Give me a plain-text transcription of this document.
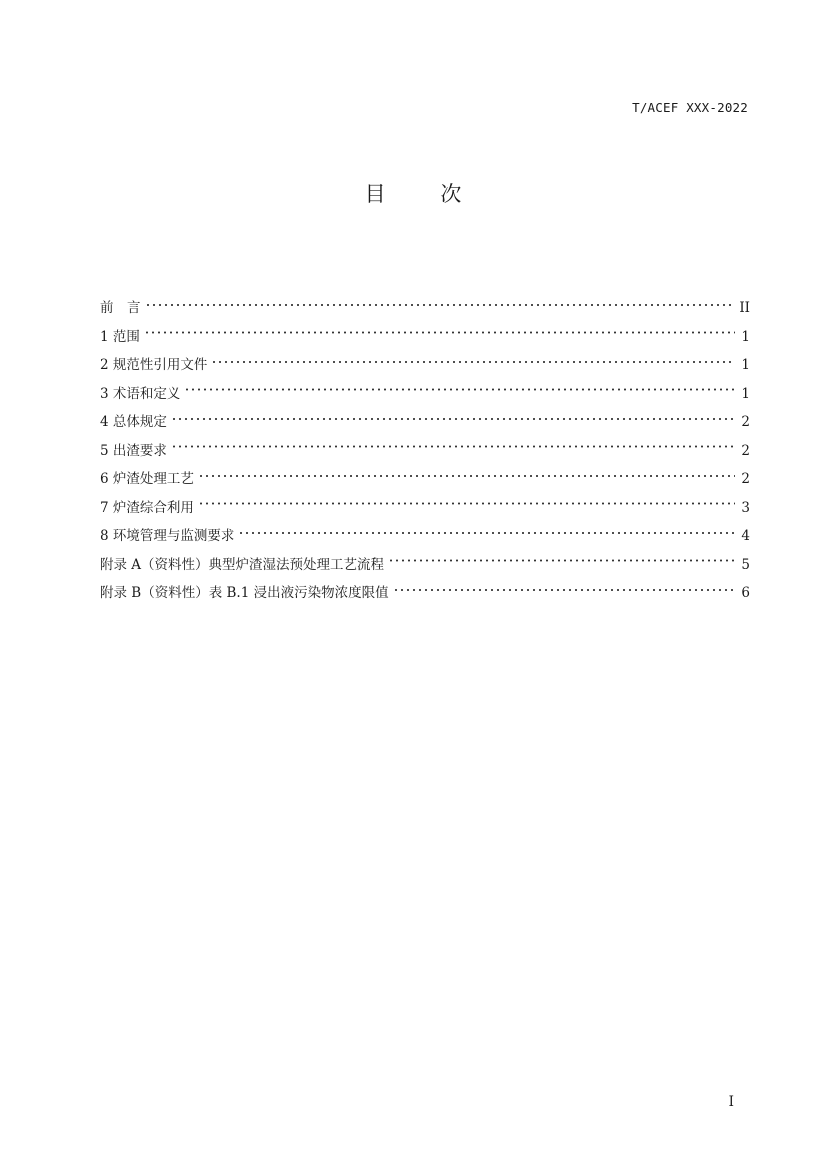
T/ACEF XXX-2022
目 次
前　言	II
1 范围	1
2 规范性引用文件	1
3 术语和定义	1
4 总体规定	2
5 出渣要求	2
6 炉渣处理工艺	2
7 炉渣综合利用	3
8 环境管理与监测要求	4
附录 A（资料性）典型炉渣湿法预处理工艺流程	5
附录 B（资料性）表 B.1 浸出液污染物浓度限值	6
I
